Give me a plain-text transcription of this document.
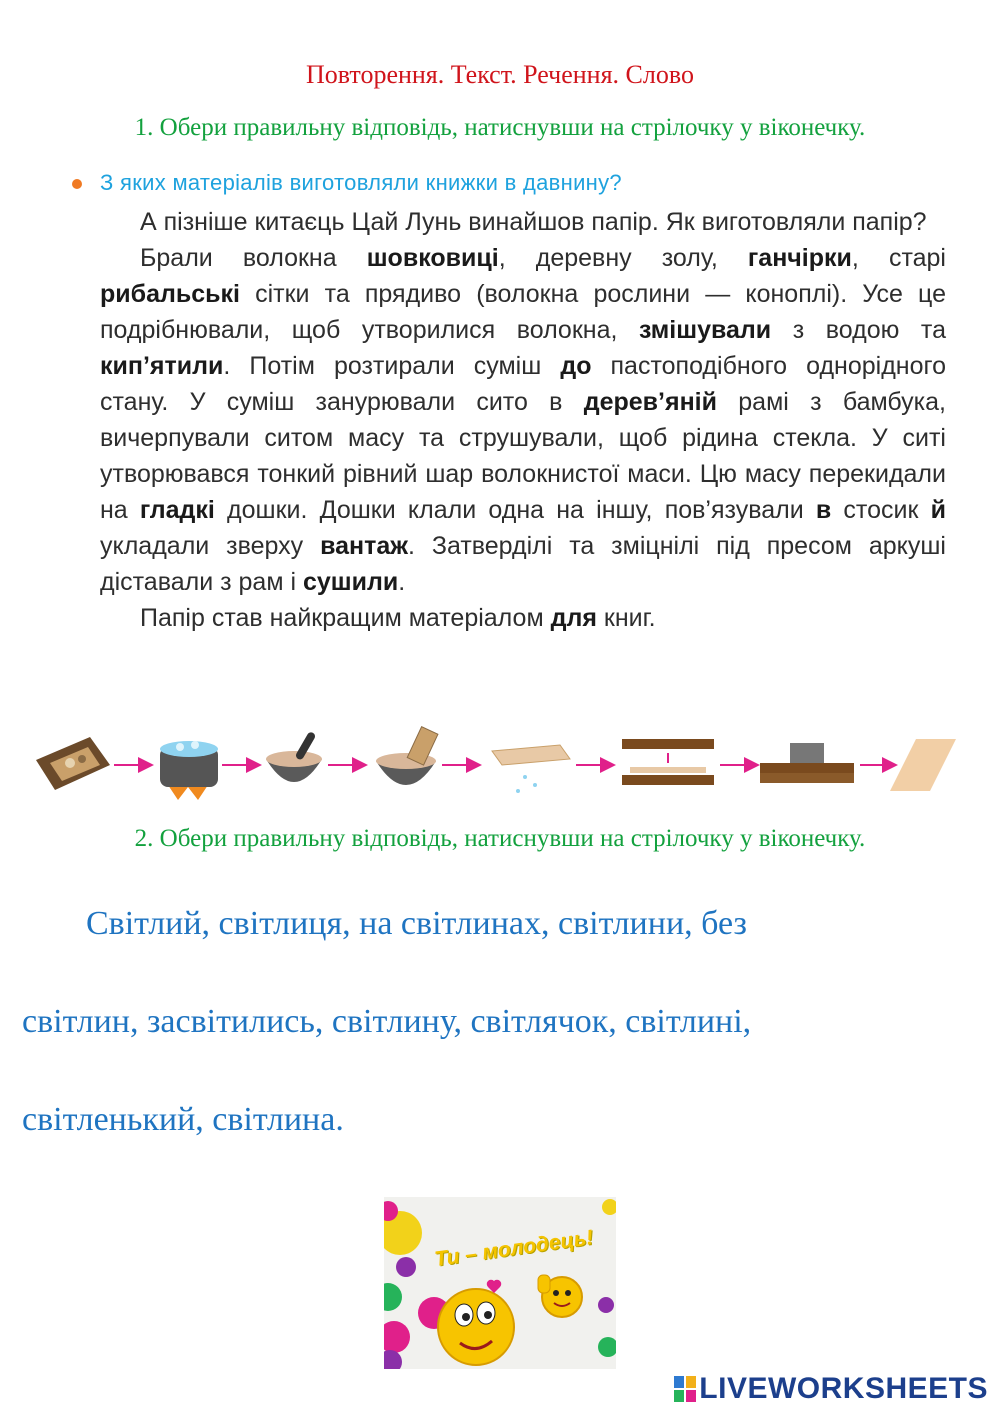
Повторення. Текст. Речення. Слово
1. Обери правильну відповідь, натиснувши на стрілочку у віконечку.
З яких матеріалів виготовляли книжки в давнину?

А пізніше китаєць Цай Лунь винайшов папір. Як виготовляли папір?

Брали волокна шовковиці, деревну золу, ганчірки, старі рибальські сітки та прядиво (волокна рослини — коноплі). Усе це подрібнювали, щоб утворилися волокна, змішували з водою та кип’ятили. Потім розтирали суміш до пастоподібного однорідного стану. У суміш занурювали сито в дерев’яній рамі з бамбука, вичерпували ситом масу та струшували, щоб рідина стекла. У ситі утворювався тонкий рівний шар волокнистої маси. Цю масу перекидали на гладкі дошки. Дошки клали одна на іншу, пов’язували в стосик й укладали зверху вантаж. Затверділі та зміцнілі під пресом аркуші діставали з рам і сушили.

Папір став найкращим матеріалом для книг.

2. Обери правильну відповідь, натиснувши на стрілочку у віконечку.
Світлий, світлиця, на світлинах, світлини, без
світлин, засвітились, світлину, світлячок, світлині,
світленький, світлина.
Ти – молодець!
LIVEWORKSHEETS
